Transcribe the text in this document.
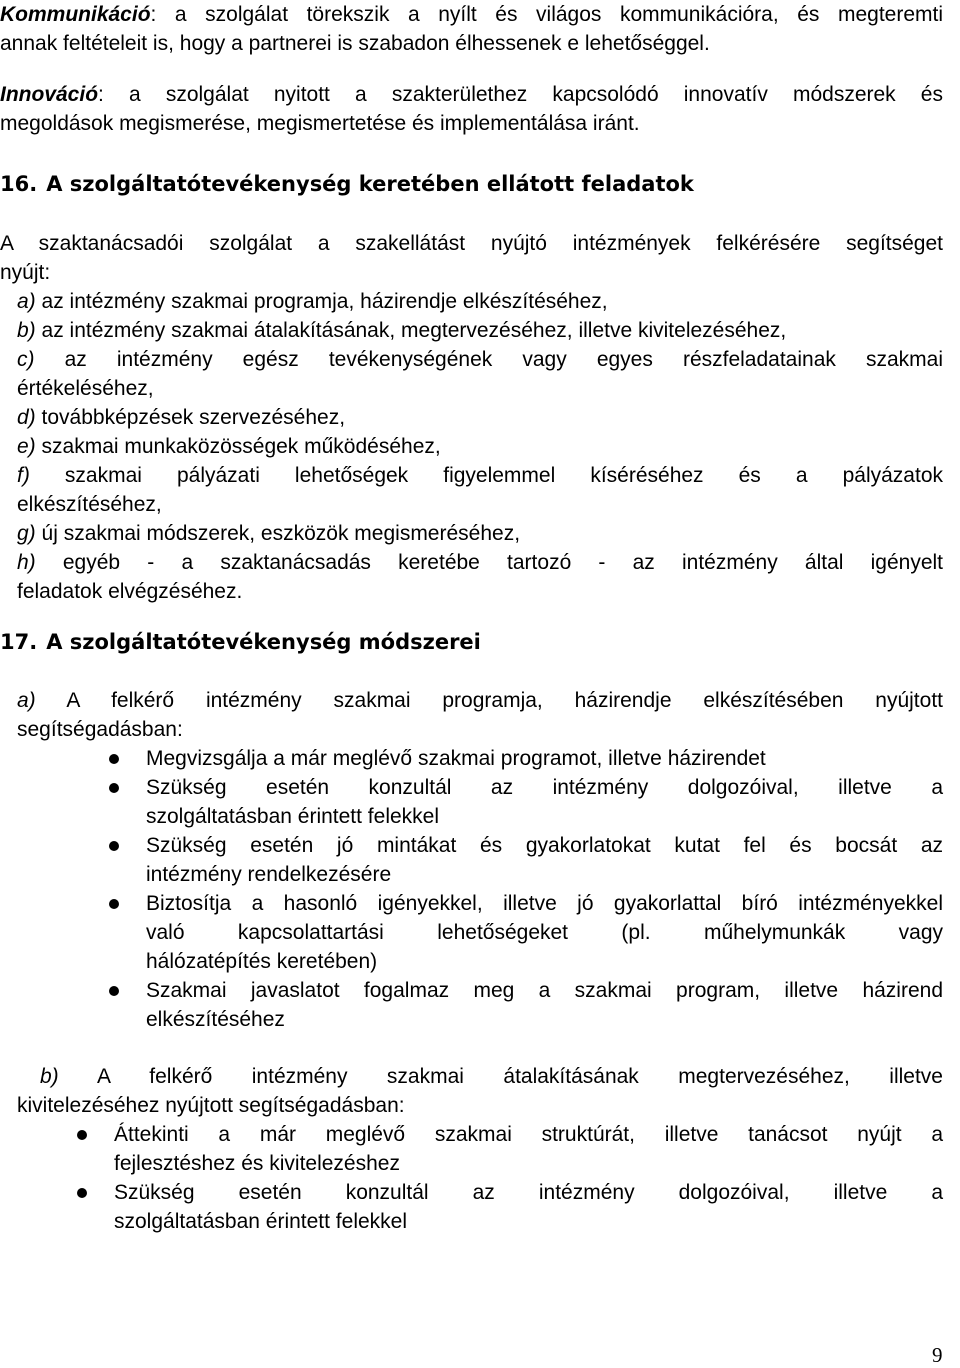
Kommunikáció: a szolgálat törekszik a nyílt és világos kommunikációra, és megteremti
annak feltételeit is, hogy a partnerei is szabadon élhessenek e lehetőséggel.
Innováció: a szolgálat nyitott a szakterülethez kapcsolódó innovatív módszerek és
megoldások megismerése, megismertetése és implementálása iránt.
16. A szolgáltatótevékenység keretében ellátott feladatok
A szaktanácsadói szolgálat a szakellátást nyújtó intézmények felkérésére segítséget
nyújt:
a) az intézmény szakmai programja, házirendje elkészítéséhez,
b) az intézmény szakmai átalakításának, megtervezéséhez, illetve kivitelezéséhez,
c) az intézmény egész tevékenységének vagy egyes részfeladatainak szakmai
értékeléséhez,
d) továbbképzések szervezéséhez,
e) szakmai munkaközösségek működéséhez,
f) szakmai pályázati lehetőségek figyelemmel kíséréséhez és a pályázatok
elkészítéséhez,
g) új szakmai módszerek, eszközök megismeréséhez,
h) egyéb - a szaktanácsadás keretébe tartozó - az intézmény által igényelt
feladatok elvégzéséhez.
17. A szolgáltatótevékenység módszerei
a) A felkérő intézmény szakmai programja, házirendje elkészítésében nyújtott
segítségadásban:
Megvizsgálja a már meglévő szakmai programot, illetve házirendet
Szükség esetén konzultál az intézmény dolgozóival, illetve a
szolgáltatásban érintett felekkel
Szükség esetén jó mintákat és gyakorlatokat kutat fel és bocsát az
intézmény rendelkezésére
Biztosítja a hasonló igényekkel, illetve jó gyakorlattal bíró intézményekkel
való kapcsolattartási lehetőségeket (pl. műhelymunkák vagy
hálózatépítés keretében)
Szakmai javaslatot fogalmaz meg a szakmai program, illetve házirend
elkészítéséhez
b) A felkérő intézmény szakmai átalakításának megtervezéséhez, illetve
kivitelezéséhez nyújtott segítségadásban:
Áttekinti a már meglévő szakmai struktúrát, illetve tanácsot nyújt a
fejlesztéshez és kivitelezéshez
Szükség esetén konzultál az intézmény dolgozóival, illetve a
szolgáltatásban érintett felekkel
9
